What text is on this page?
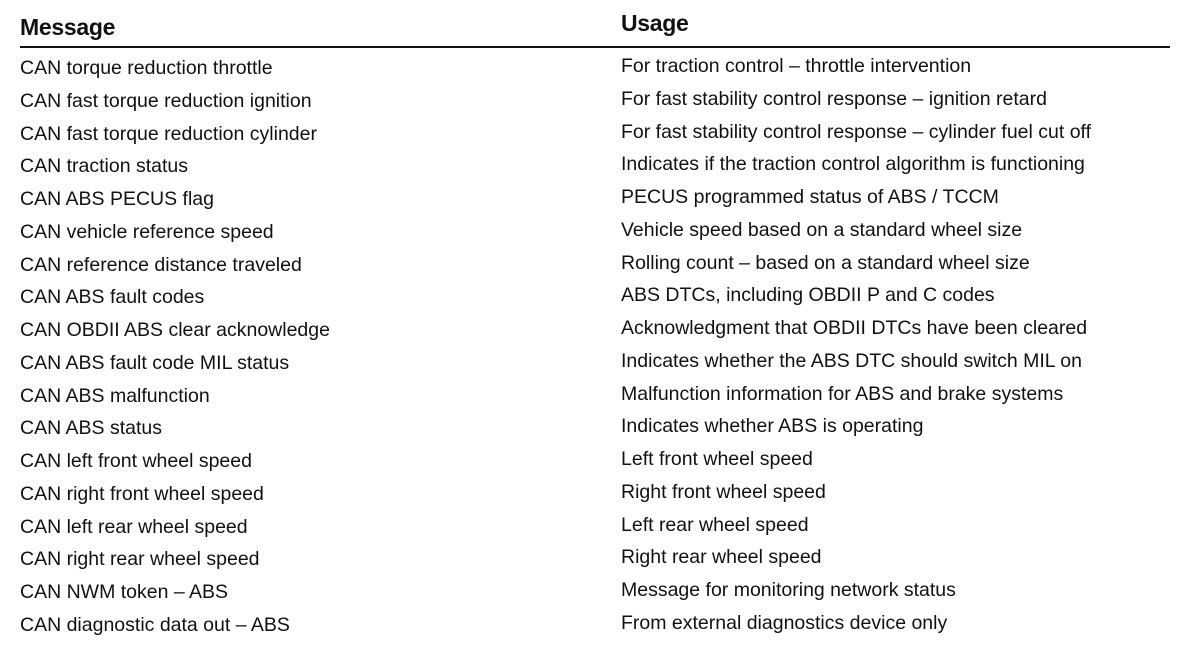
Message	Usage
CAN torque reduction throttle	For traction control – throttle intervention
CAN fast torque reduction ignition	For fast stability control response – ignition retard
CAN fast torque reduction cylinder	For fast stability control response – cylinder fuel cut off
CAN traction status	Indicates if the traction control algorithm is functioning
CAN ABS PECUS flag	PECUS programmed status of ABS / TCCM
CAN vehicle reference speed	Vehicle speed based on a standard wheel size
CAN reference distance traveled	Rolling count – based on a standard wheel size
CAN ABS fault codes	ABS DTCs, including OBDII P and C codes
CAN OBDII ABS clear acknowledge	Acknowledgment that OBDII DTCs have been cleared
CAN ABS fault code MIL status	Indicates whether the ABS DTC should switch MIL on
CAN ABS malfunction	Malfunction information for ABS and brake systems
CAN ABS status	Indicates whether ABS is operating
CAN left front wheel speed	Left front wheel speed
CAN right front wheel speed	Right front wheel speed
CAN left rear wheel speed	Left rear wheel speed
CAN right rear wheel speed	Right rear wheel speed
CAN NWM token – ABS	Message for monitoring network status
CAN diagnostic data out – ABS	From external diagnostics device only
